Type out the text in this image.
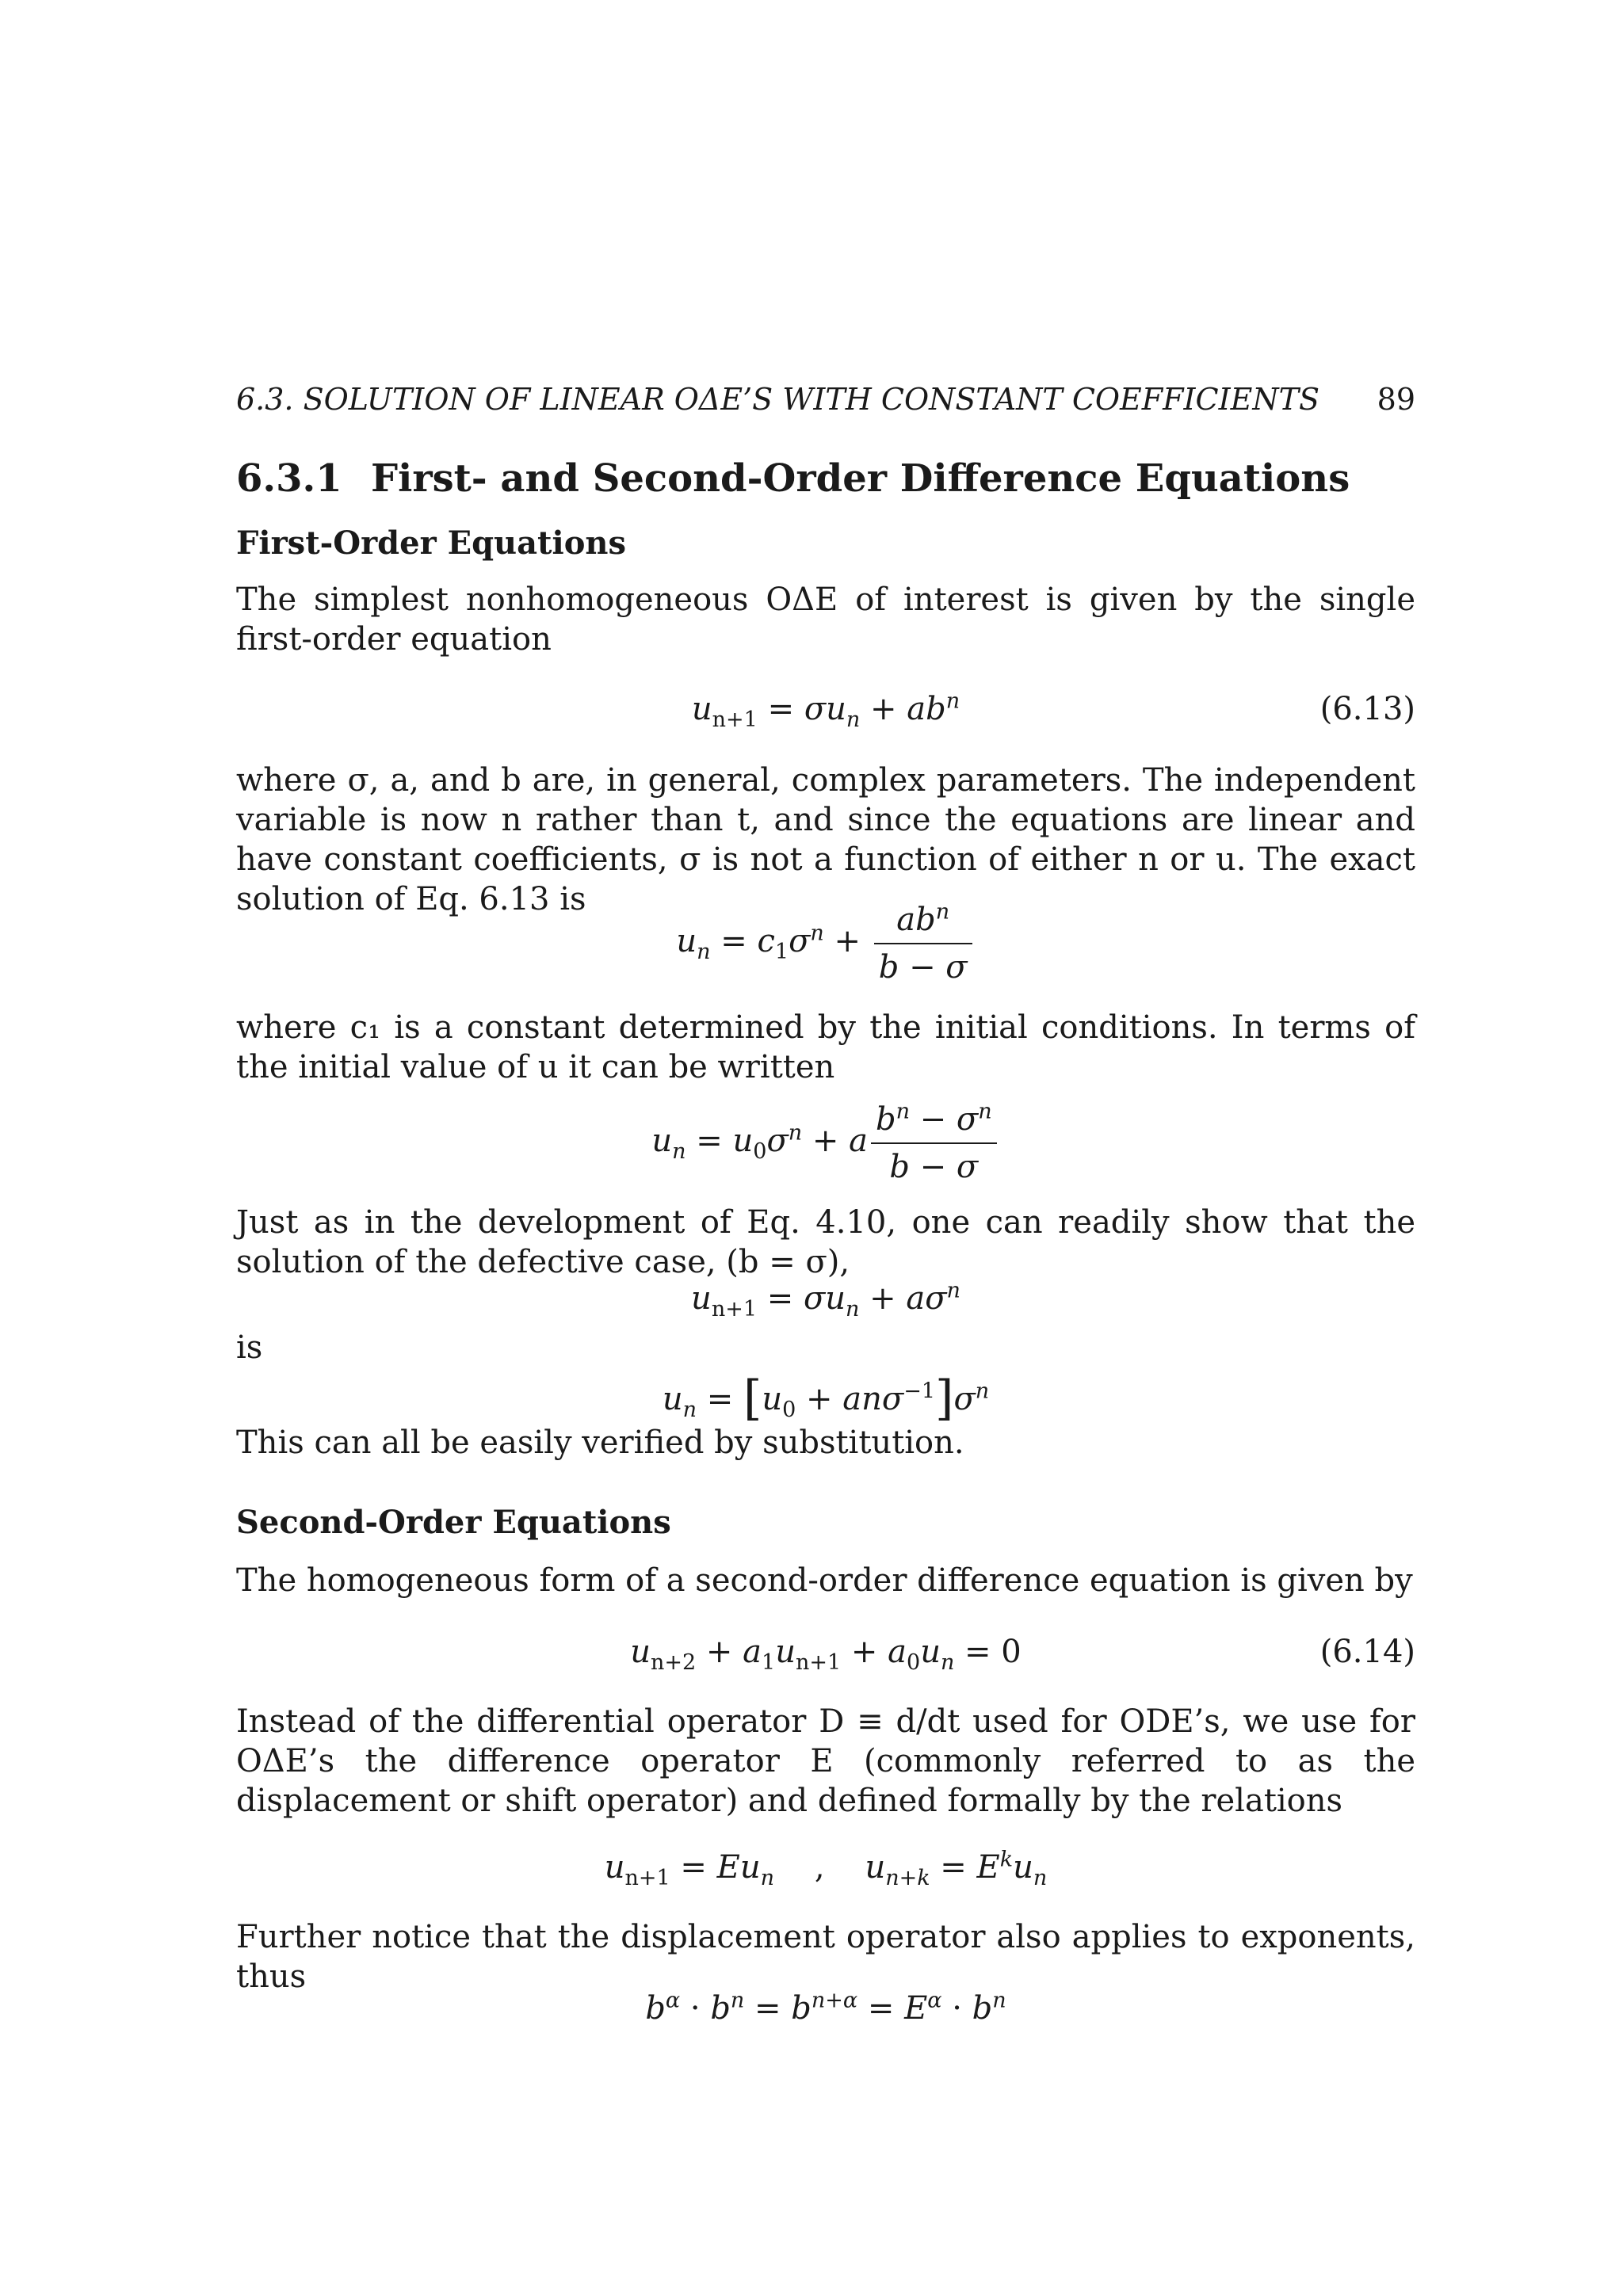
6.3. SOLUTION OF LINEAR OΔE’S WITH CONSTANT COEFFICIENTS 89
6.3.1 First- and Second-Order Difference Equations
First-Order Equations
The simplest nonhomogeneous OΔE of interest is given by the single first-order equation
$u_{n+1} = \sigma u_n + ab^n$	(6.13)
where σ, a, and b are, in general, complex parameters. The independent variable is now n rather than t, and since the equations are linear and have constant coefficients, σ is not a function of either n or u. The exact solution of Eq. 6.13 is
$u_n = c_1\sigma^n + \frac{ab^n}{b - \sigma}$
where c₁ is a constant determined by the initial conditions. In terms of the initial value of u it can be written
$u_n = u_0\sigma^n + a \frac{b^n - \sigma^n}{b - \sigma}$
Just as in the development of Eq. 4.10, one can readily show that the solution of the defective case, (b = σ),
$u_{n+1} = \sigma u_n + a\sigma^n$
is
$u_n = [u_0 + an\sigma^{-1}]\sigma^n$
This can all be easily verified by substitution.
Second-Order Equations
The homogeneous form of a second-order difference equation is given by
$u_{n+2} + a_1u_{n+1} + a_0u_n = 0$	(6.14)
Instead of the differential operator D ≡ d/dt used for ODE’s, we use for OΔE’s the difference operator E (commonly referred to as the displacement or shift operator) and defined formally by the relations
$u_{n+1} = Eu_n$    ,    $u_{n+k} = E^ku_n$
Further notice that the displacement operator also applies to exponents, thus
$b^\alpha \cdot b^n = b^{n+\alpha} = E^\alpha \cdot b^n$
